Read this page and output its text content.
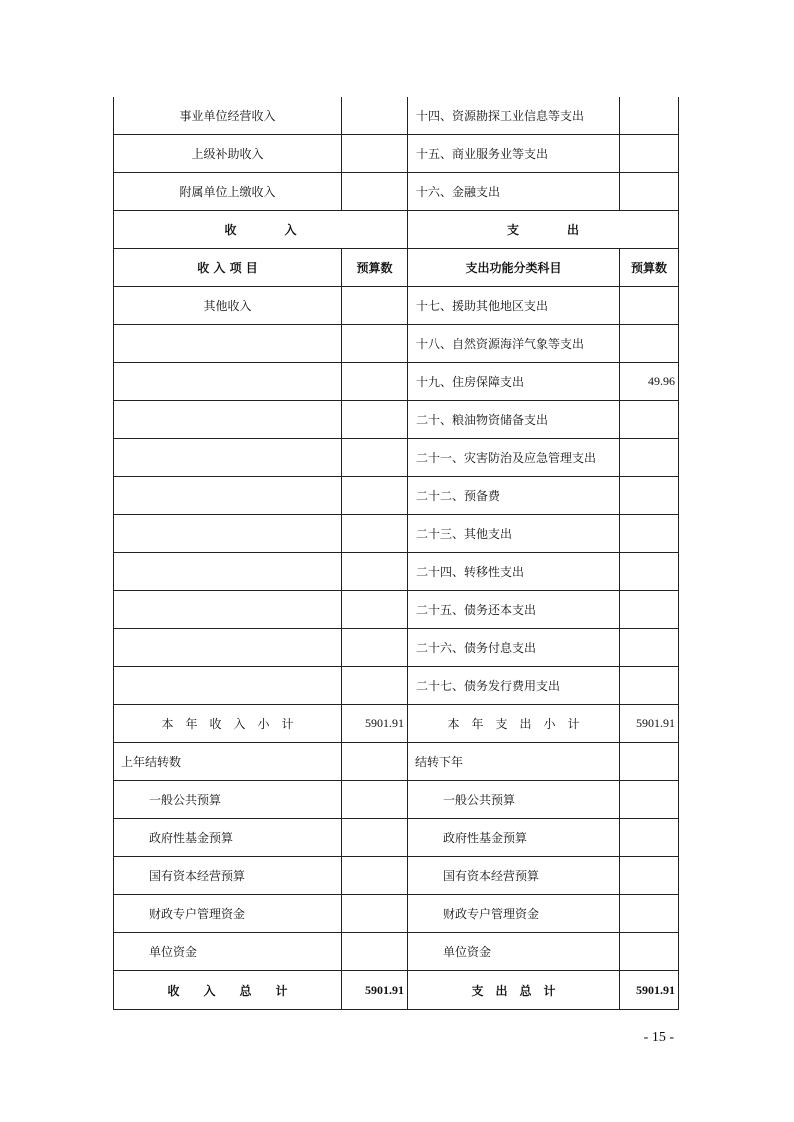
事业单位经营收入		十四、资源勘探工业信息等支出	
上级补助收入		十五、商业服务业等支出	
附属单位上缴收入		十六、金融支出	
收　　　　入		支　　　　出	
收 入 项 目	预算数	支出功能分类科目	预算数
其他收入		十七、援助其他地区支出	
		十八、自然资源海洋气象等支出	
		十九、住房保障支出	49.96
		二十、粮油物资储备支出	
		二十一、灾害防治及应急管理支出	
		二十二、预备费	
		二十三、其他支出	
		二十四、转移性支出	
		二十五、债务还本支出	
		二十六、债务付息支出	
		二十七、债务发行费用支出	
本　年　收　入　小　计	5901.91	本　年　支　出　小　计	5901.91
上年结转数		结转下年	
一般公共预算		一般公共预算	
政府性基金预算		政府性基金预算	
国有资本经营预算		国有资本经营预算	
财政专户管理资金		财政专户管理资金	
单位资金		单位资金	
收　　入　　总　　计	5901.91	支　出　总　计	5901.91
- 15 -
